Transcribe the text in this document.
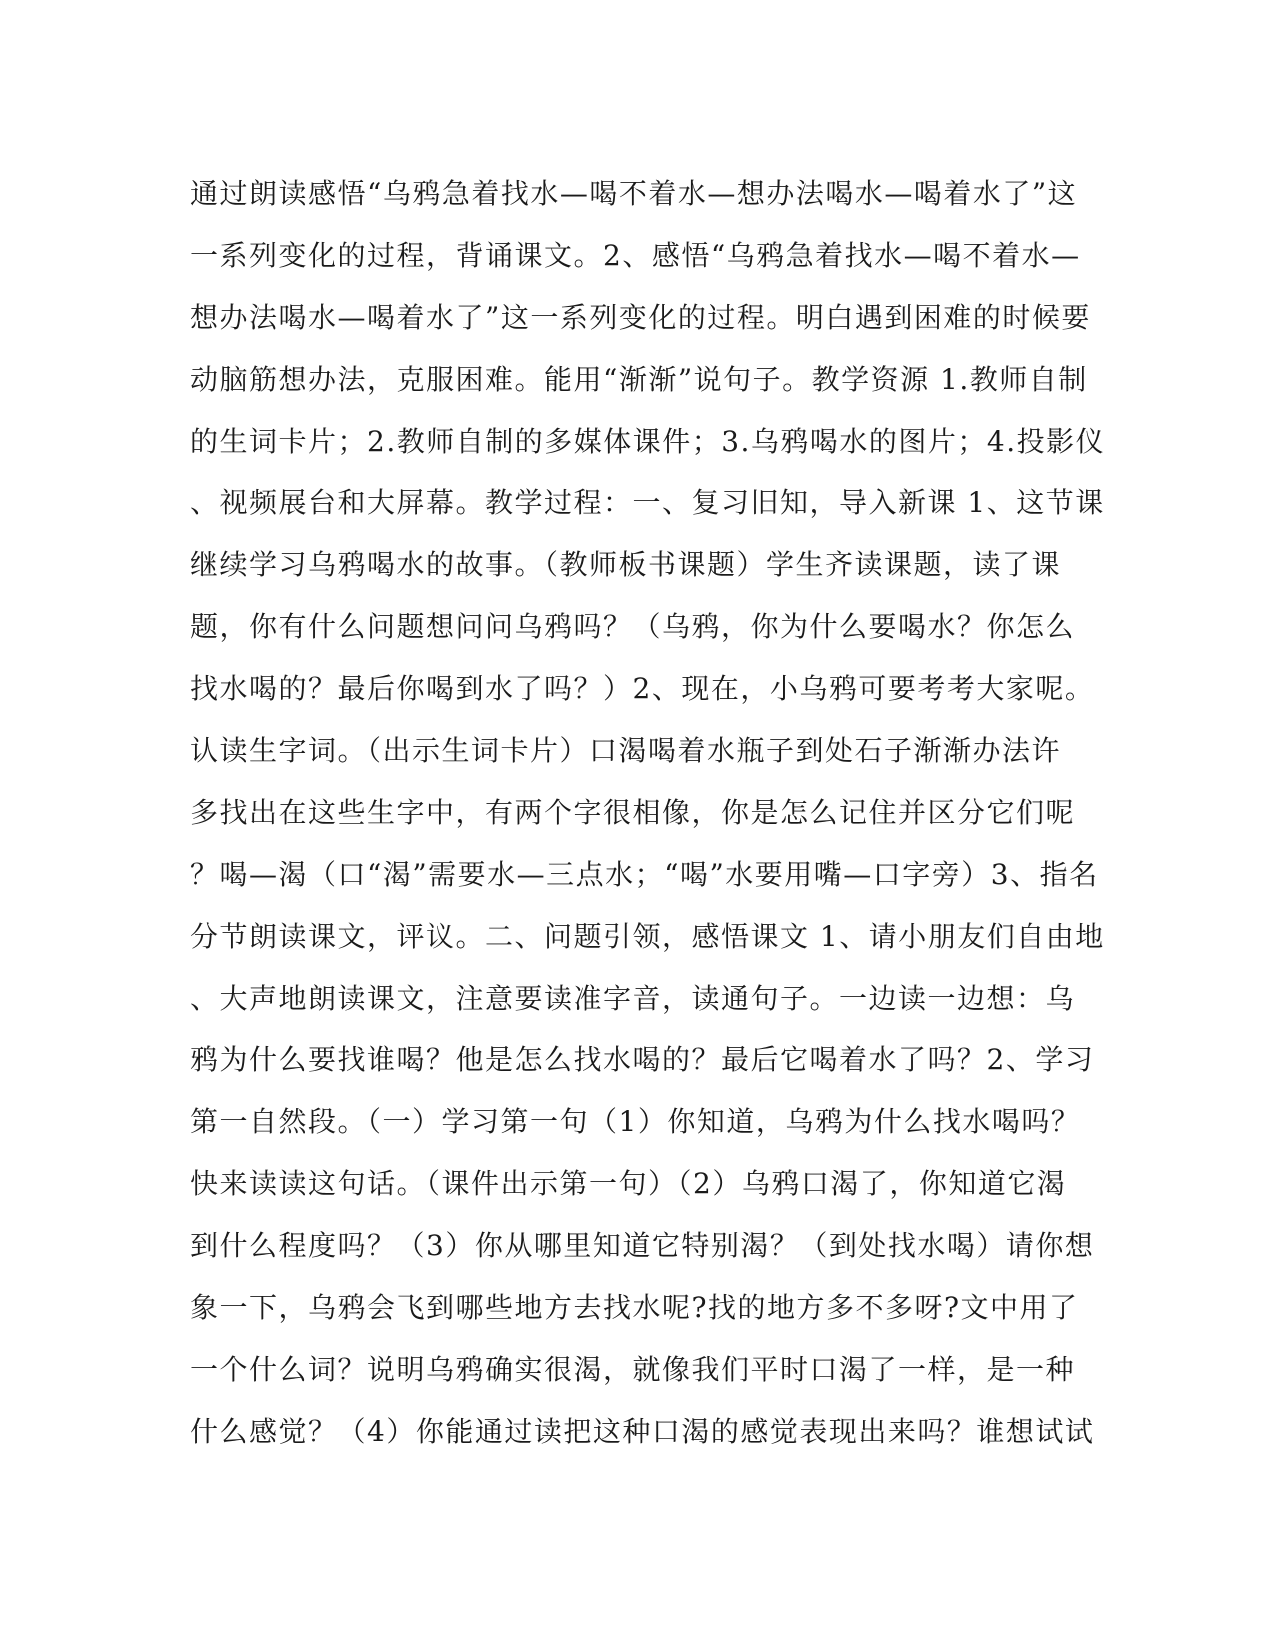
通过朗读感悟“乌鸦急着找水—喝不着水—想办法喝水—喝着水了”这
一系列变化的过程，背诵课文。2、感悟“乌鸦急着找水—喝不着水—
想办法喝水—喝着水了”这一系列变化的过程。明白遇到困难的时候要
动脑筋想办法，克服困难。能用“渐渐”说句子。教学资源 1.教师自制
的生词卡片；2.教师自制的多媒体课件；3.乌鸦喝水的图片；4.投影仪
、视频展台和大屏幕。教学过程：一、复习旧知，导入新课 1、这节课
继续学习乌鸦喝水的故事。（教师板书课题）学生齐读课题，读了课
题，你有什么问题想问问乌鸦吗？（乌鸦，你为什么要喝水？你怎么
找水喝的？最后你喝到水了吗？）2、现在，小乌鸦可要考考大家呢。
认读生字词。（出示生词卡片）口渴喝着水瓶子到处石子渐渐办法许
多找出在这些生字中，有两个字很相像，你是怎么记住并区分它们呢
？喝—渴（口“渴”需要水—三点水；“喝”水要用嘴—口字旁）3、指名
分节朗读课文，评议。二、问题引领，感悟课文 1、请小朋友们自由地
、大声地朗读课文，注意要读准字音，读通句子。一边读一边想：乌
鸦为什么要找谁喝？他是怎么找水喝的？最后它喝着水了吗？2、学习
第一自然段。（一）学习第一句（1）你知道，乌鸦为什么找水喝吗？
快来读读这句话。（课件出示第一句）（2）乌鸦口渴了，你知道它渴
到什么程度吗？（3）你从哪里知道它特别渴？（到处找水喝）请你想
象一下，乌鸦会飞到哪些地方去找水呢?找的地方多不多呀?文中用了
一个什么词？说明乌鸦确实很渴，就像我们平时口渴了一样，是一种
什么感觉？（4）你能通过读把这种口渴的感觉表现出来吗？谁想试试
